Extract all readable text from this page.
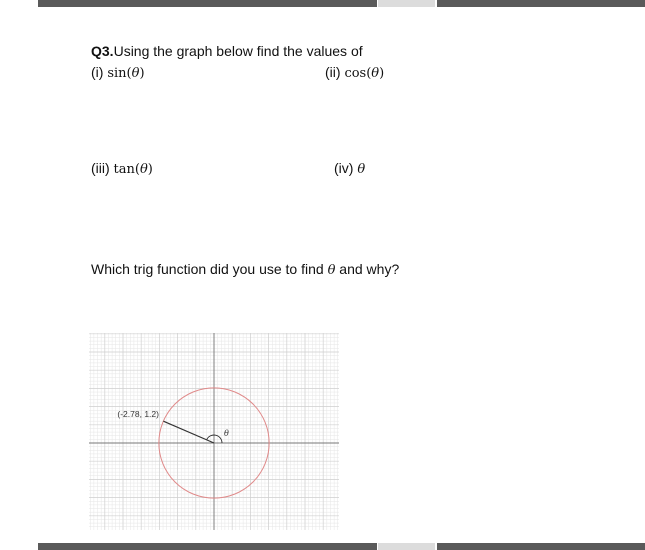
Q3.Using the graph below find the values of
(i) sin(θ)	(ii) cos(θ)
(iii) tan(θ)	(iv) θ
Which trig function did you use to find θ and why?
(-2.78, 1.2)
θ
